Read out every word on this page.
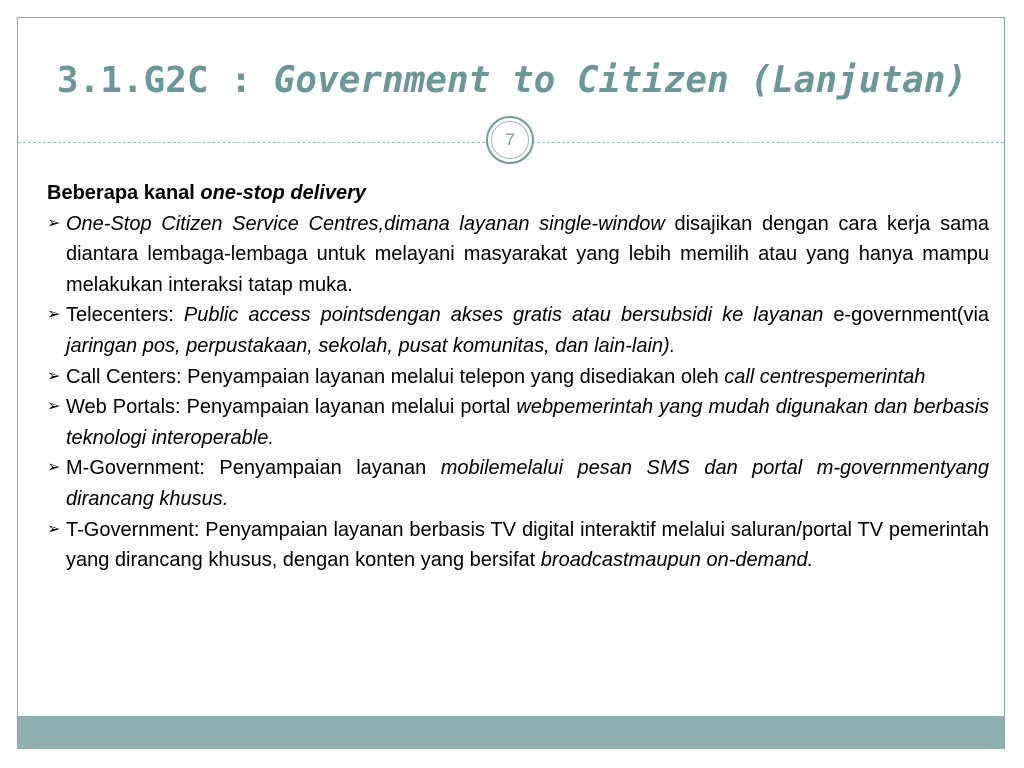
3.1.G2C : Government to Citizen (Lanjutan)
7
Beberapa kanal one-stop delivery
➢ One-Stop Citizen Service Centres,dimana layanan single-window disajikan dengan cara kerja sama diantara lembaga-lembaga untuk melayani masyarakat yang lebih memilih atau yang hanya mampu melakukan interaksi tatap muka.
➢ Telecenters: Public access pointsdengan akses gratis atau bersubsidi ke layanan e-government(via jaringan pos, perpustakaan, sekolah, pusat komunitas, dan lain-lain).
➢ Call Centers: Penyampaian layanan melalui telepon yang disediakan oleh call centrespemerintah
➢ Web Portals: Penyampaian layanan melalui portal webpemerintah yang mudah digunakan dan berbasis teknologi interoperable.
➢ M-Government: Penyampaian layanan mobilemelalui pesan SMS dan portal m-governmentyang dirancang khusus.
➢ T-Government: Penyampaian layanan berbasis TV digital interaktif melalui saluran/portal TV pemerintah yang dirancang khusus, dengan konten yang bersifat broadcastmaupun on-demand.
